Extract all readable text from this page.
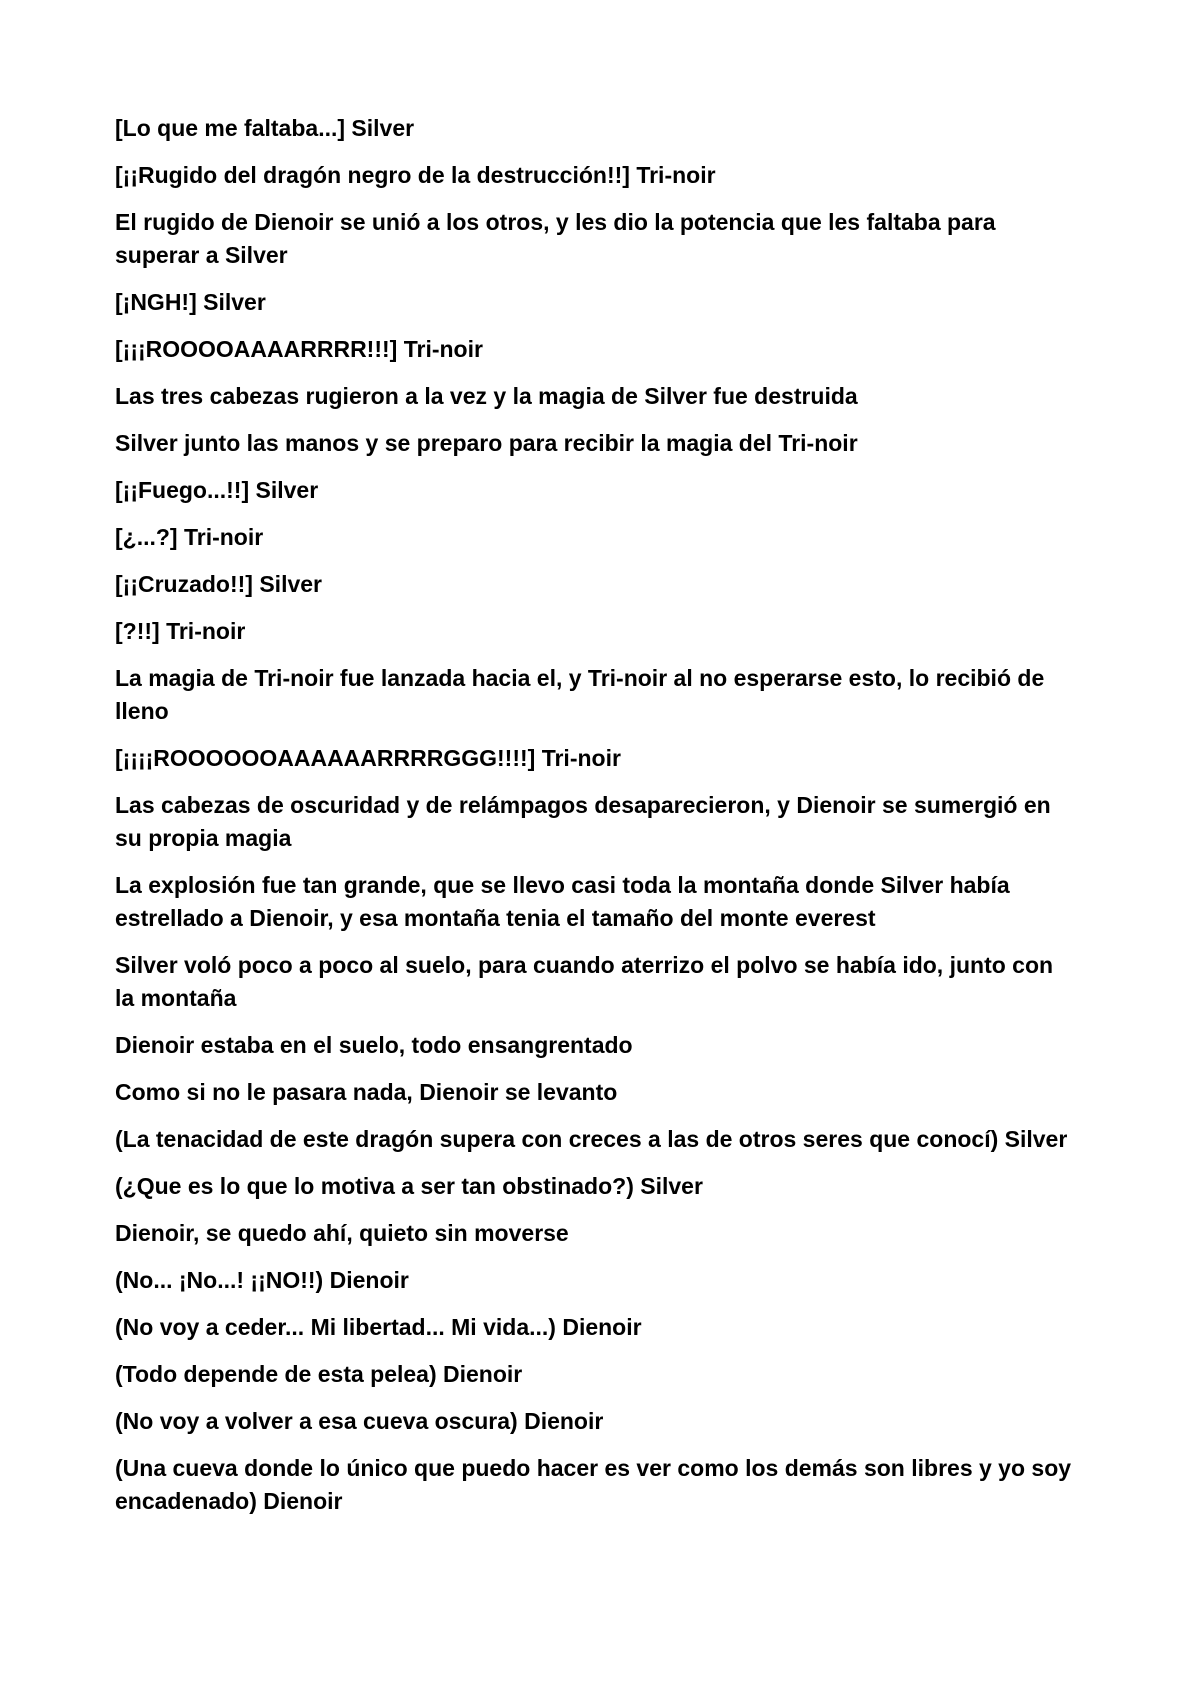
[Lo que me faltaba...] Silver

[¡¡Rugido del dragón negro de la destrucción!!] Tri-noir

El rugido de Dienoir se unió a los otros, y les dio la potencia que les faltaba para superar a Silver

[¡NGH!] Silver

[¡¡¡ROOOOAAAARRRR!!!] Tri-noir

Las tres cabezas rugieron a la vez y la magia de Silver fue destruida

Silver junto las manos y se preparo para recibir la magia del Tri-noir

[¡¡Fuego...!!] Silver

[¿...?] Tri-noir

[¡¡Cruzado!!] Silver

[?!!] Tri-noir

La magia de Tri-noir fue lanzada hacia el, y Tri-noir al no esperarse esto, lo recibió de lleno

[¡¡¡¡ROOOOOOAAAAAARRRRGGG!!!!] Tri-noir

Las cabezas de oscuridad y de relámpagos desaparecieron, y Dienoir se sumergió en su propia magia

La explosión fue tan grande, que se llevo casi toda la montaña donde Silver había estrellado a Dienoir, y esa montaña tenia el tamaño del monte everest

Silver voló poco a poco al suelo, para cuando aterrizo el polvo se había ido, junto con la montaña

Dienoir estaba en el suelo, todo ensangrentado

Como si no le pasara nada, Dienoir se levanto

(La tenacidad de este dragón supera con creces a las de otros seres que conocí) Silver

(¿Que es lo que lo motiva a ser tan obstinado?) Silver

Dienoir, se quedo ahí, quieto sin moverse

(No... ¡No...! ¡¡NO!!) Dienoir

(No voy a ceder... Mi libertad... Mi vida...) Dienoir

(Todo depende de esta pelea) Dienoir

(No voy a volver a esa cueva oscura) Dienoir

(Una cueva donde lo único que puedo hacer es ver como los demás son libres y yo soy encadenado) Dienoir
